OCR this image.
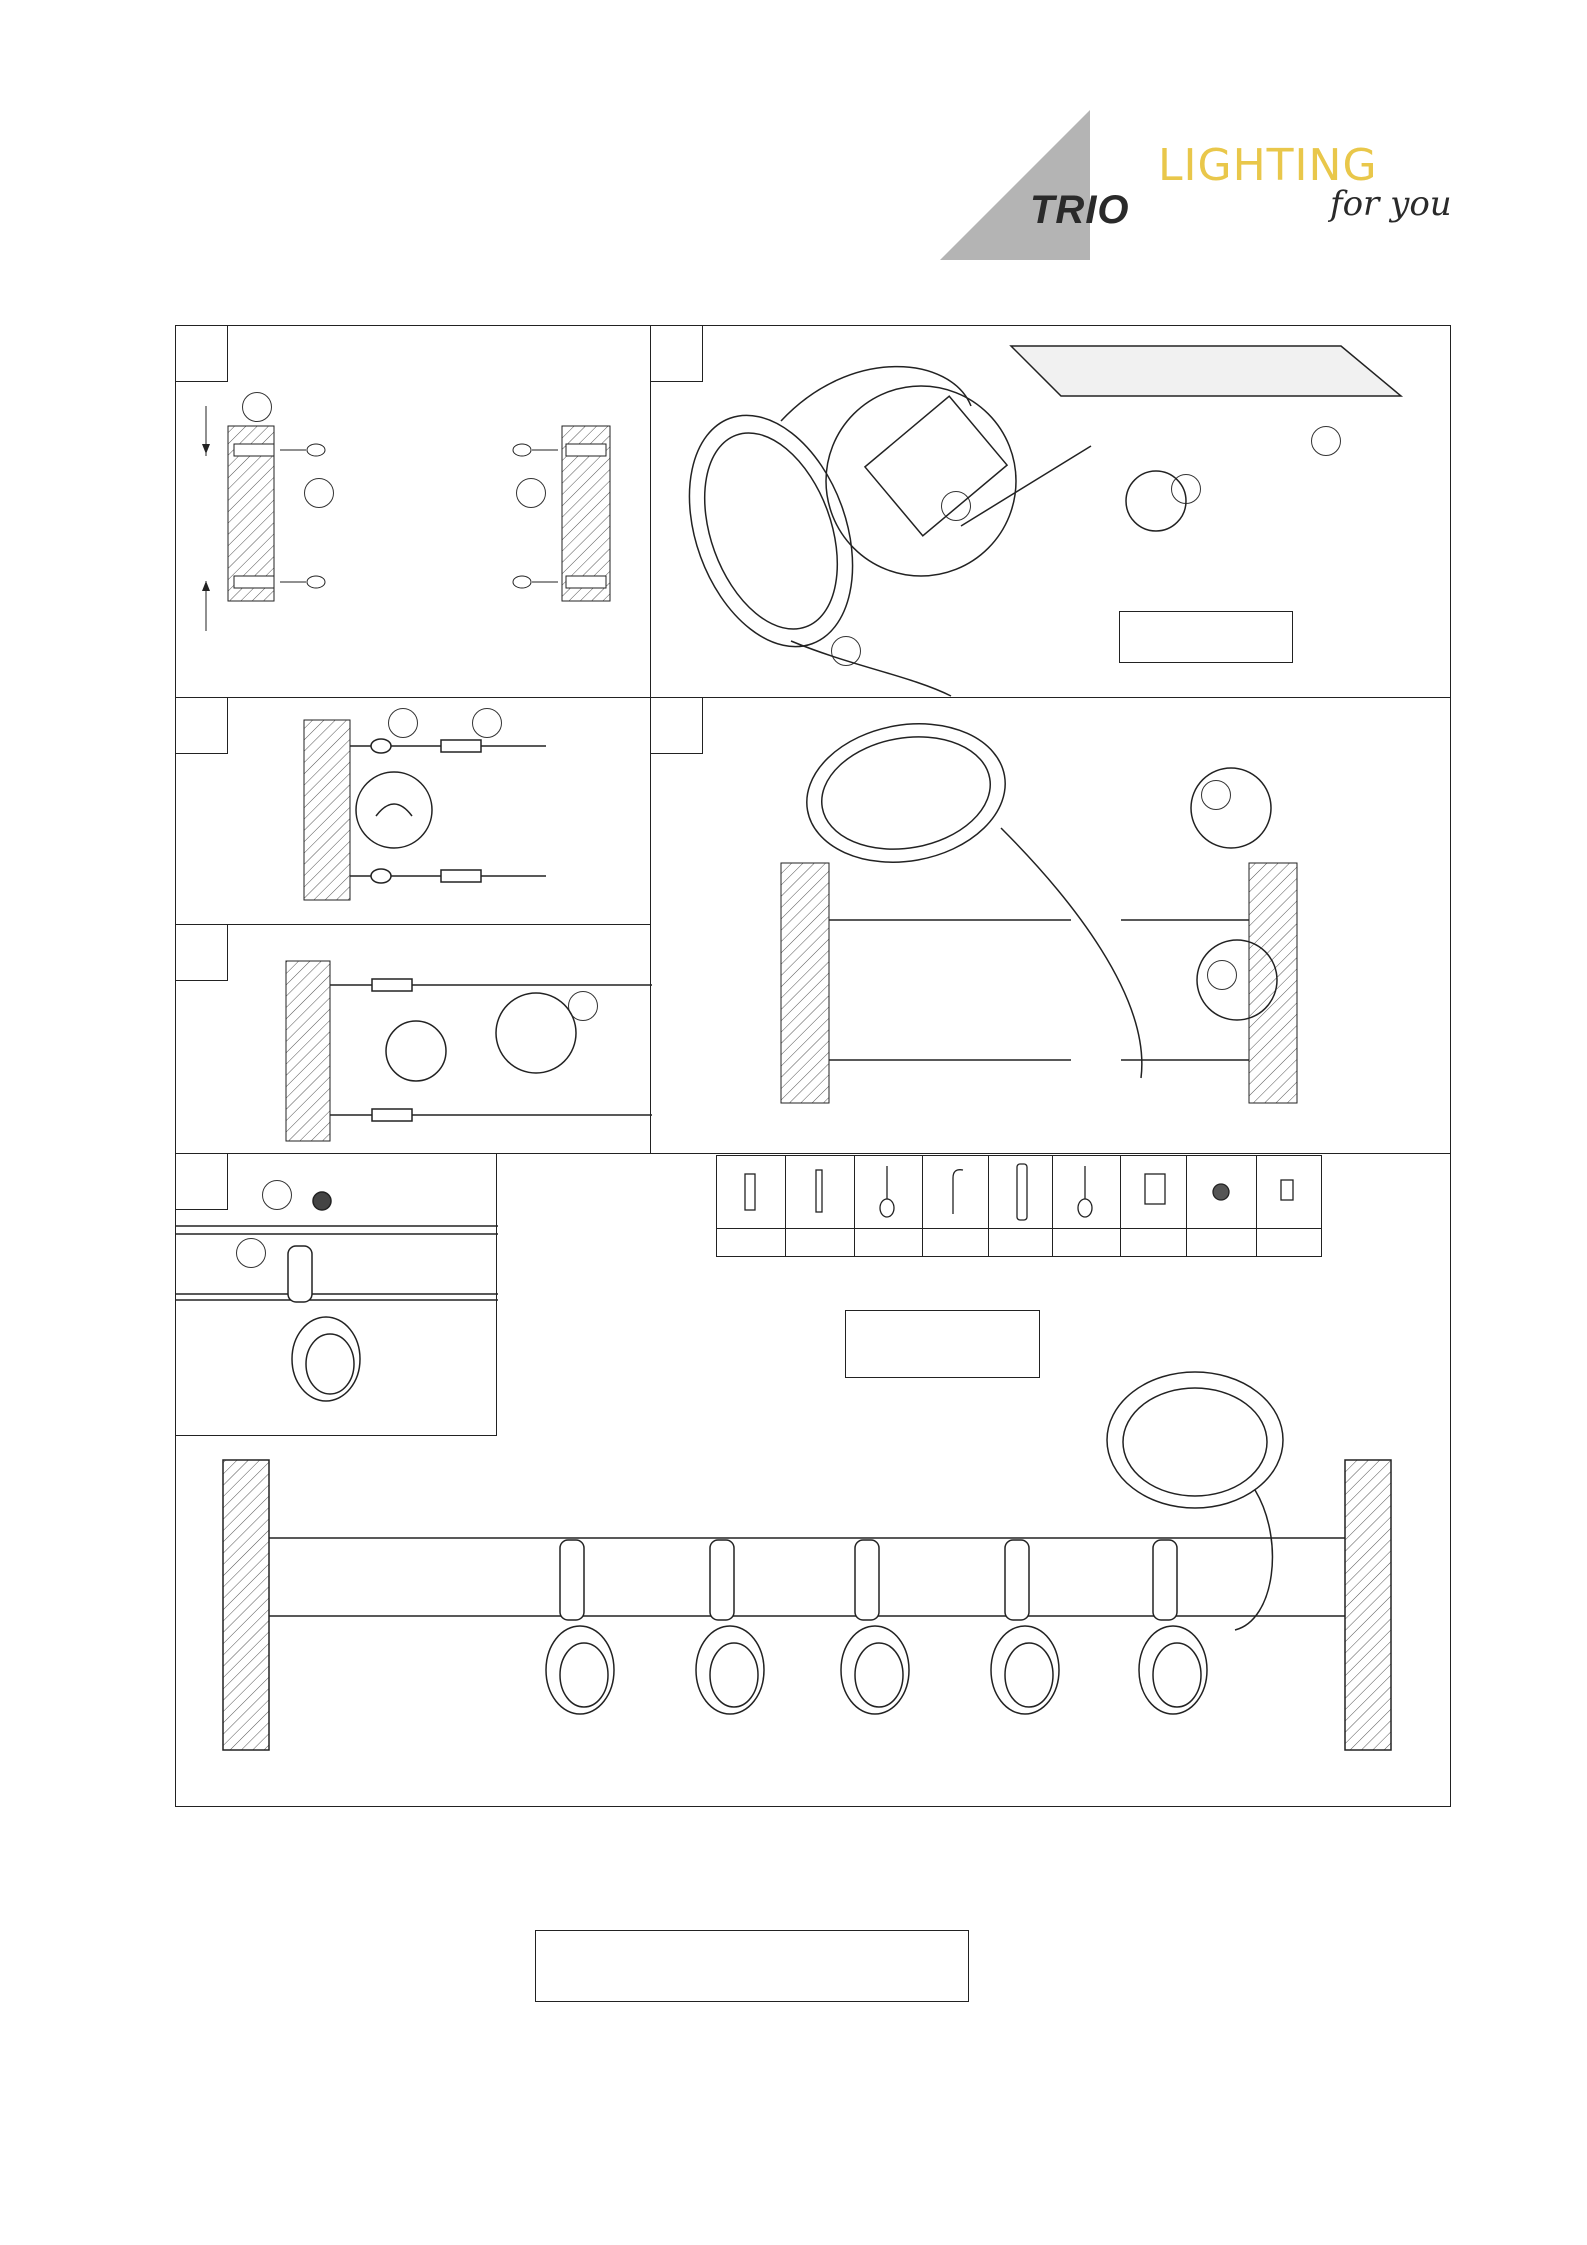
TRIO
LIGHTING
for you
